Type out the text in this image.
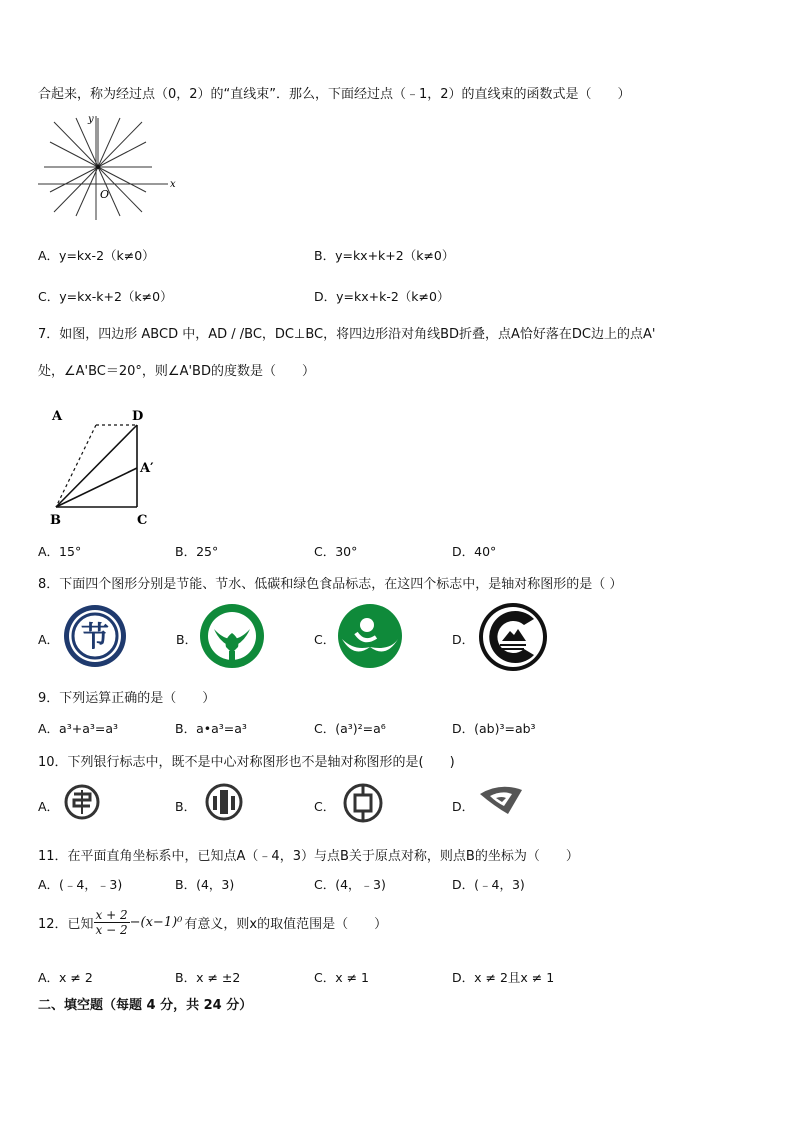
合起来，称为经过点（0，2）的“直线束”．那么，下面经过点（﹣1，2）的直线束的函数式是（　　）
x
y
O
A．y=kx-2（k≠0）	B．y=kx+k+2（k≠0）
C．y=kx-k+2（k≠0）	D．y=kx+k-2（k≠0）
7．如图，四边形 ABCD 中，AD / /BC，DC⊥BC，将四边形沿对角线BD折叠，点A恰好落在DC边上的点A'
处，∠A'BC＝20°，则∠A'BD的度数是（　　）
A	D
A′
B	C
A．15°	B．25°	C．30°	D．40°
8．下面四个图形分别是节能、节水、低碳和绿色食品标志，在这四个标志中，是轴对称图形的是（ ）
A． 节	B．	C．	D．
9．下列运算正确的是（　　）
A．a³+a³=a³	B．a•a³=a³	C．(a³)²=a⁶	D．(ab)³=ab³
10．下列银行标志中，既不是中心对称图形也不是轴对称图形的是(　　)
A．	B．	C．	D．
11．在平面直角坐标系中，已知点A（﹣4，3）与点B关于原点对称，则点B的坐标为（　　）
A．(﹣4，﹣3)	B．(4，3)	C．(4，﹣3)	D．(﹣4，3)
12．已知 $\frac{x + 2}{x - 2} -(x-1)^0$ 有意义，则x的取值范围是（　　）
A．x ≠ 2	B．x ≠ ±2	C．x ≠ 1	D．x ≠ 2且x ≠ 1
二、填空题（每题 4 分，共 24 分）
